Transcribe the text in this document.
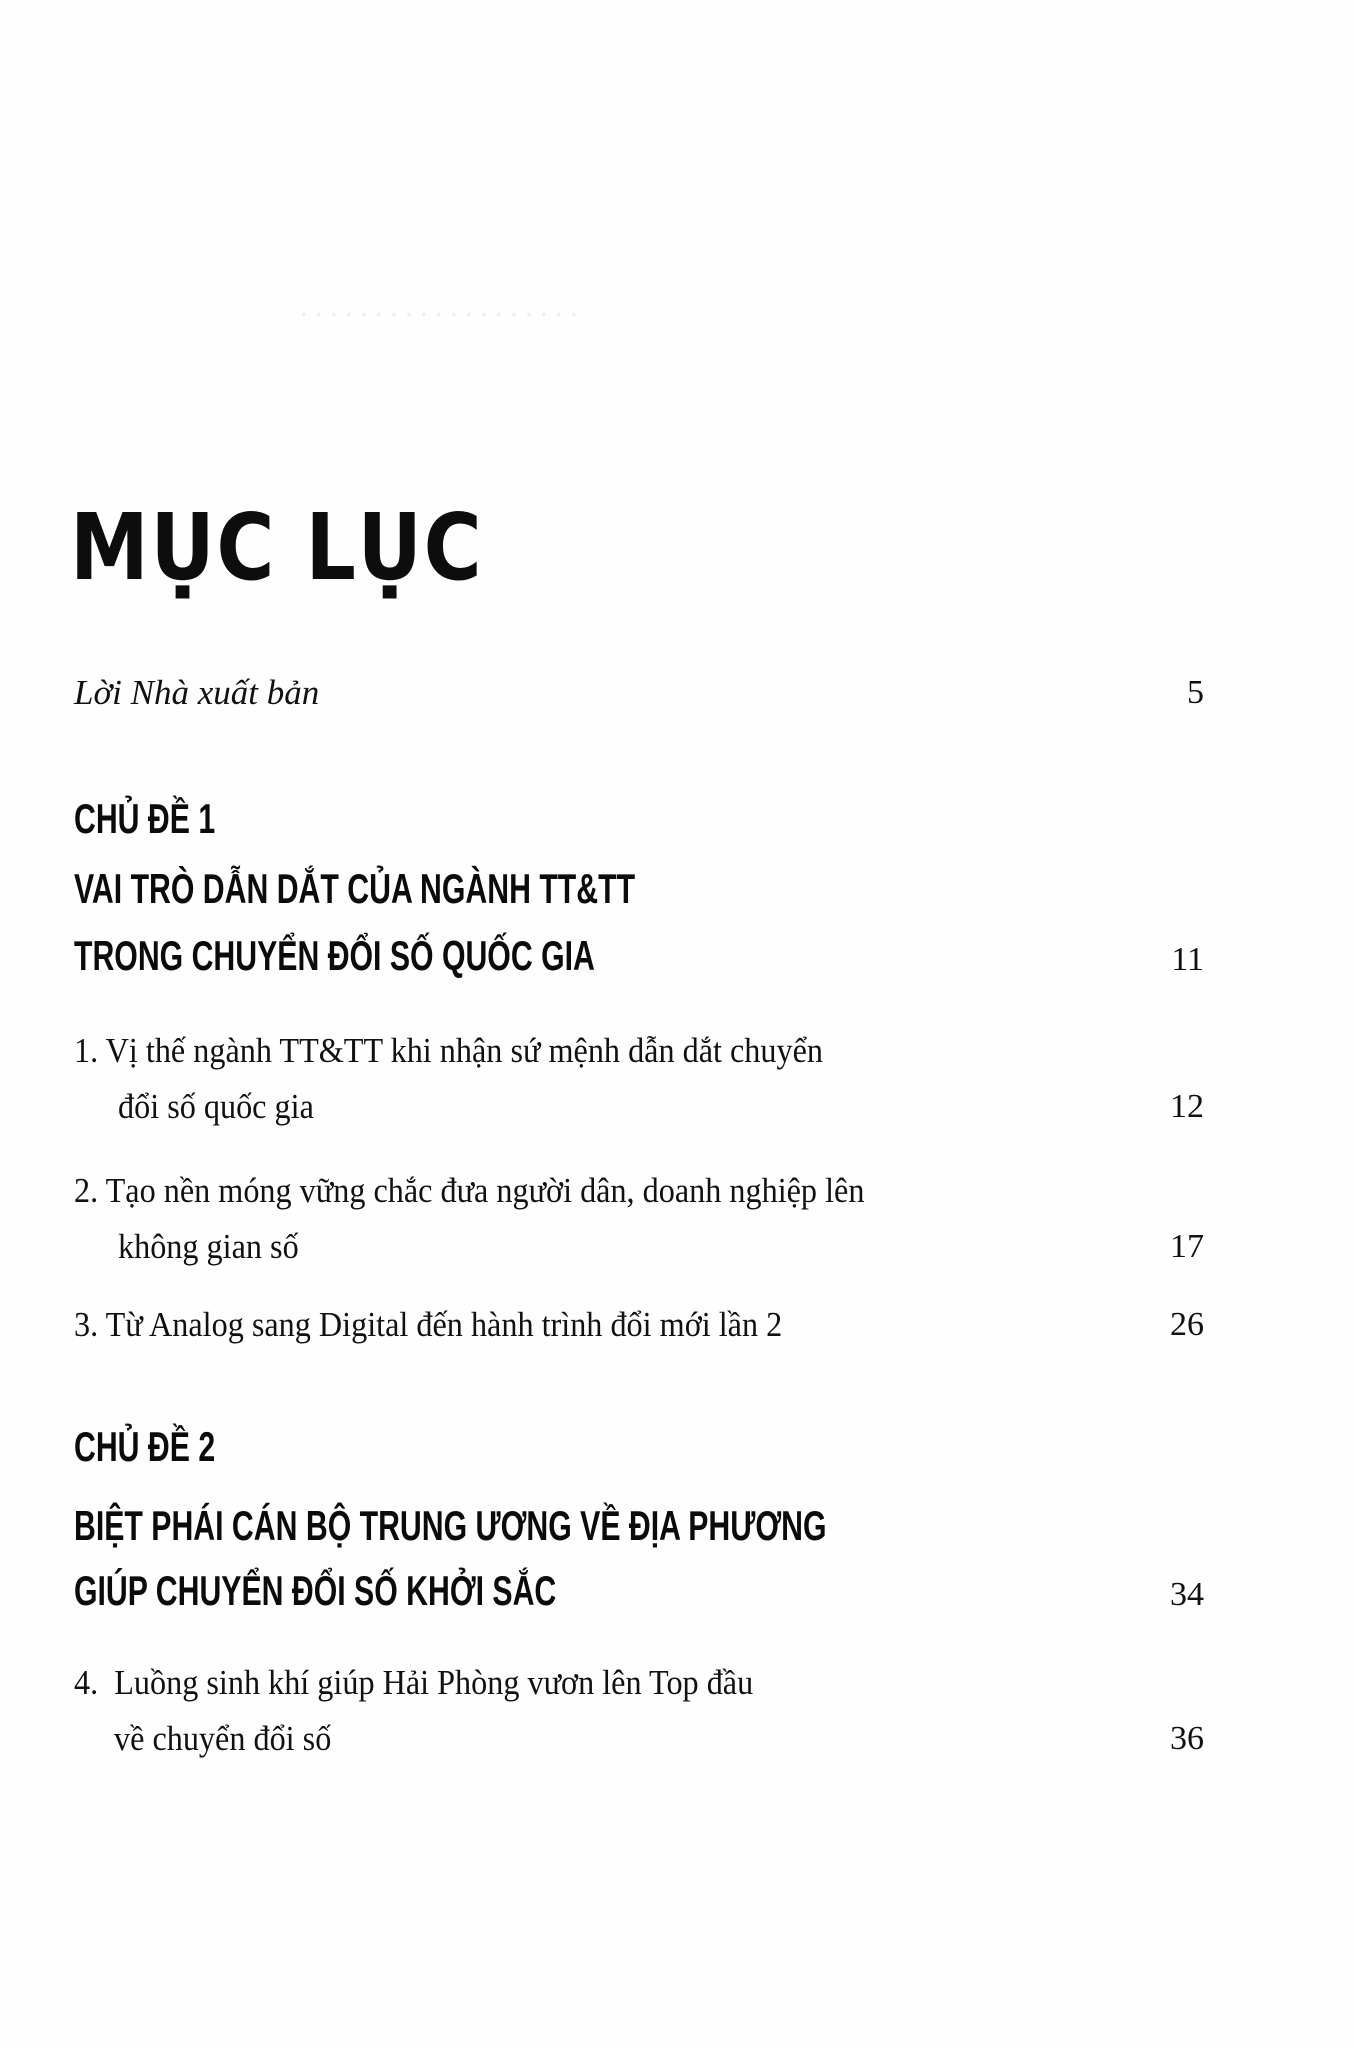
. . . . . . . . . . . . . . . . . . .
MỤC LỤC
Lời Nhà xuất bản	5
CHỦ ĐỀ 1
VAI TRÒ DẪN DẮT CỦA NGÀNH TT&TT
TRONG CHUYỂN ĐỔI SỐ QUỐC GIA	11
1. Vị thế ngành TT&TT khi nhận sứ mệnh dẫn dắt chuyển
đổi số quốc gia	12
2. Tạo nền móng vững chắc đưa người dân, doanh nghiệp lên
không gian số	17
3. Từ Analog sang Digital đến hành trình đổi mới lần 2	26
CHỦ ĐỀ 2
BIỆT PHÁI CÁN BỘ TRUNG ƯƠNG VỀ ĐỊA PHƯƠNG
GIÚP CHUYỂN ĐỔI SỐ KHỞI SẮC	34
4.  Luồng sinh khí giúp Hải Phòng vươn lên Top đầu
về chuyển đổi số	36
